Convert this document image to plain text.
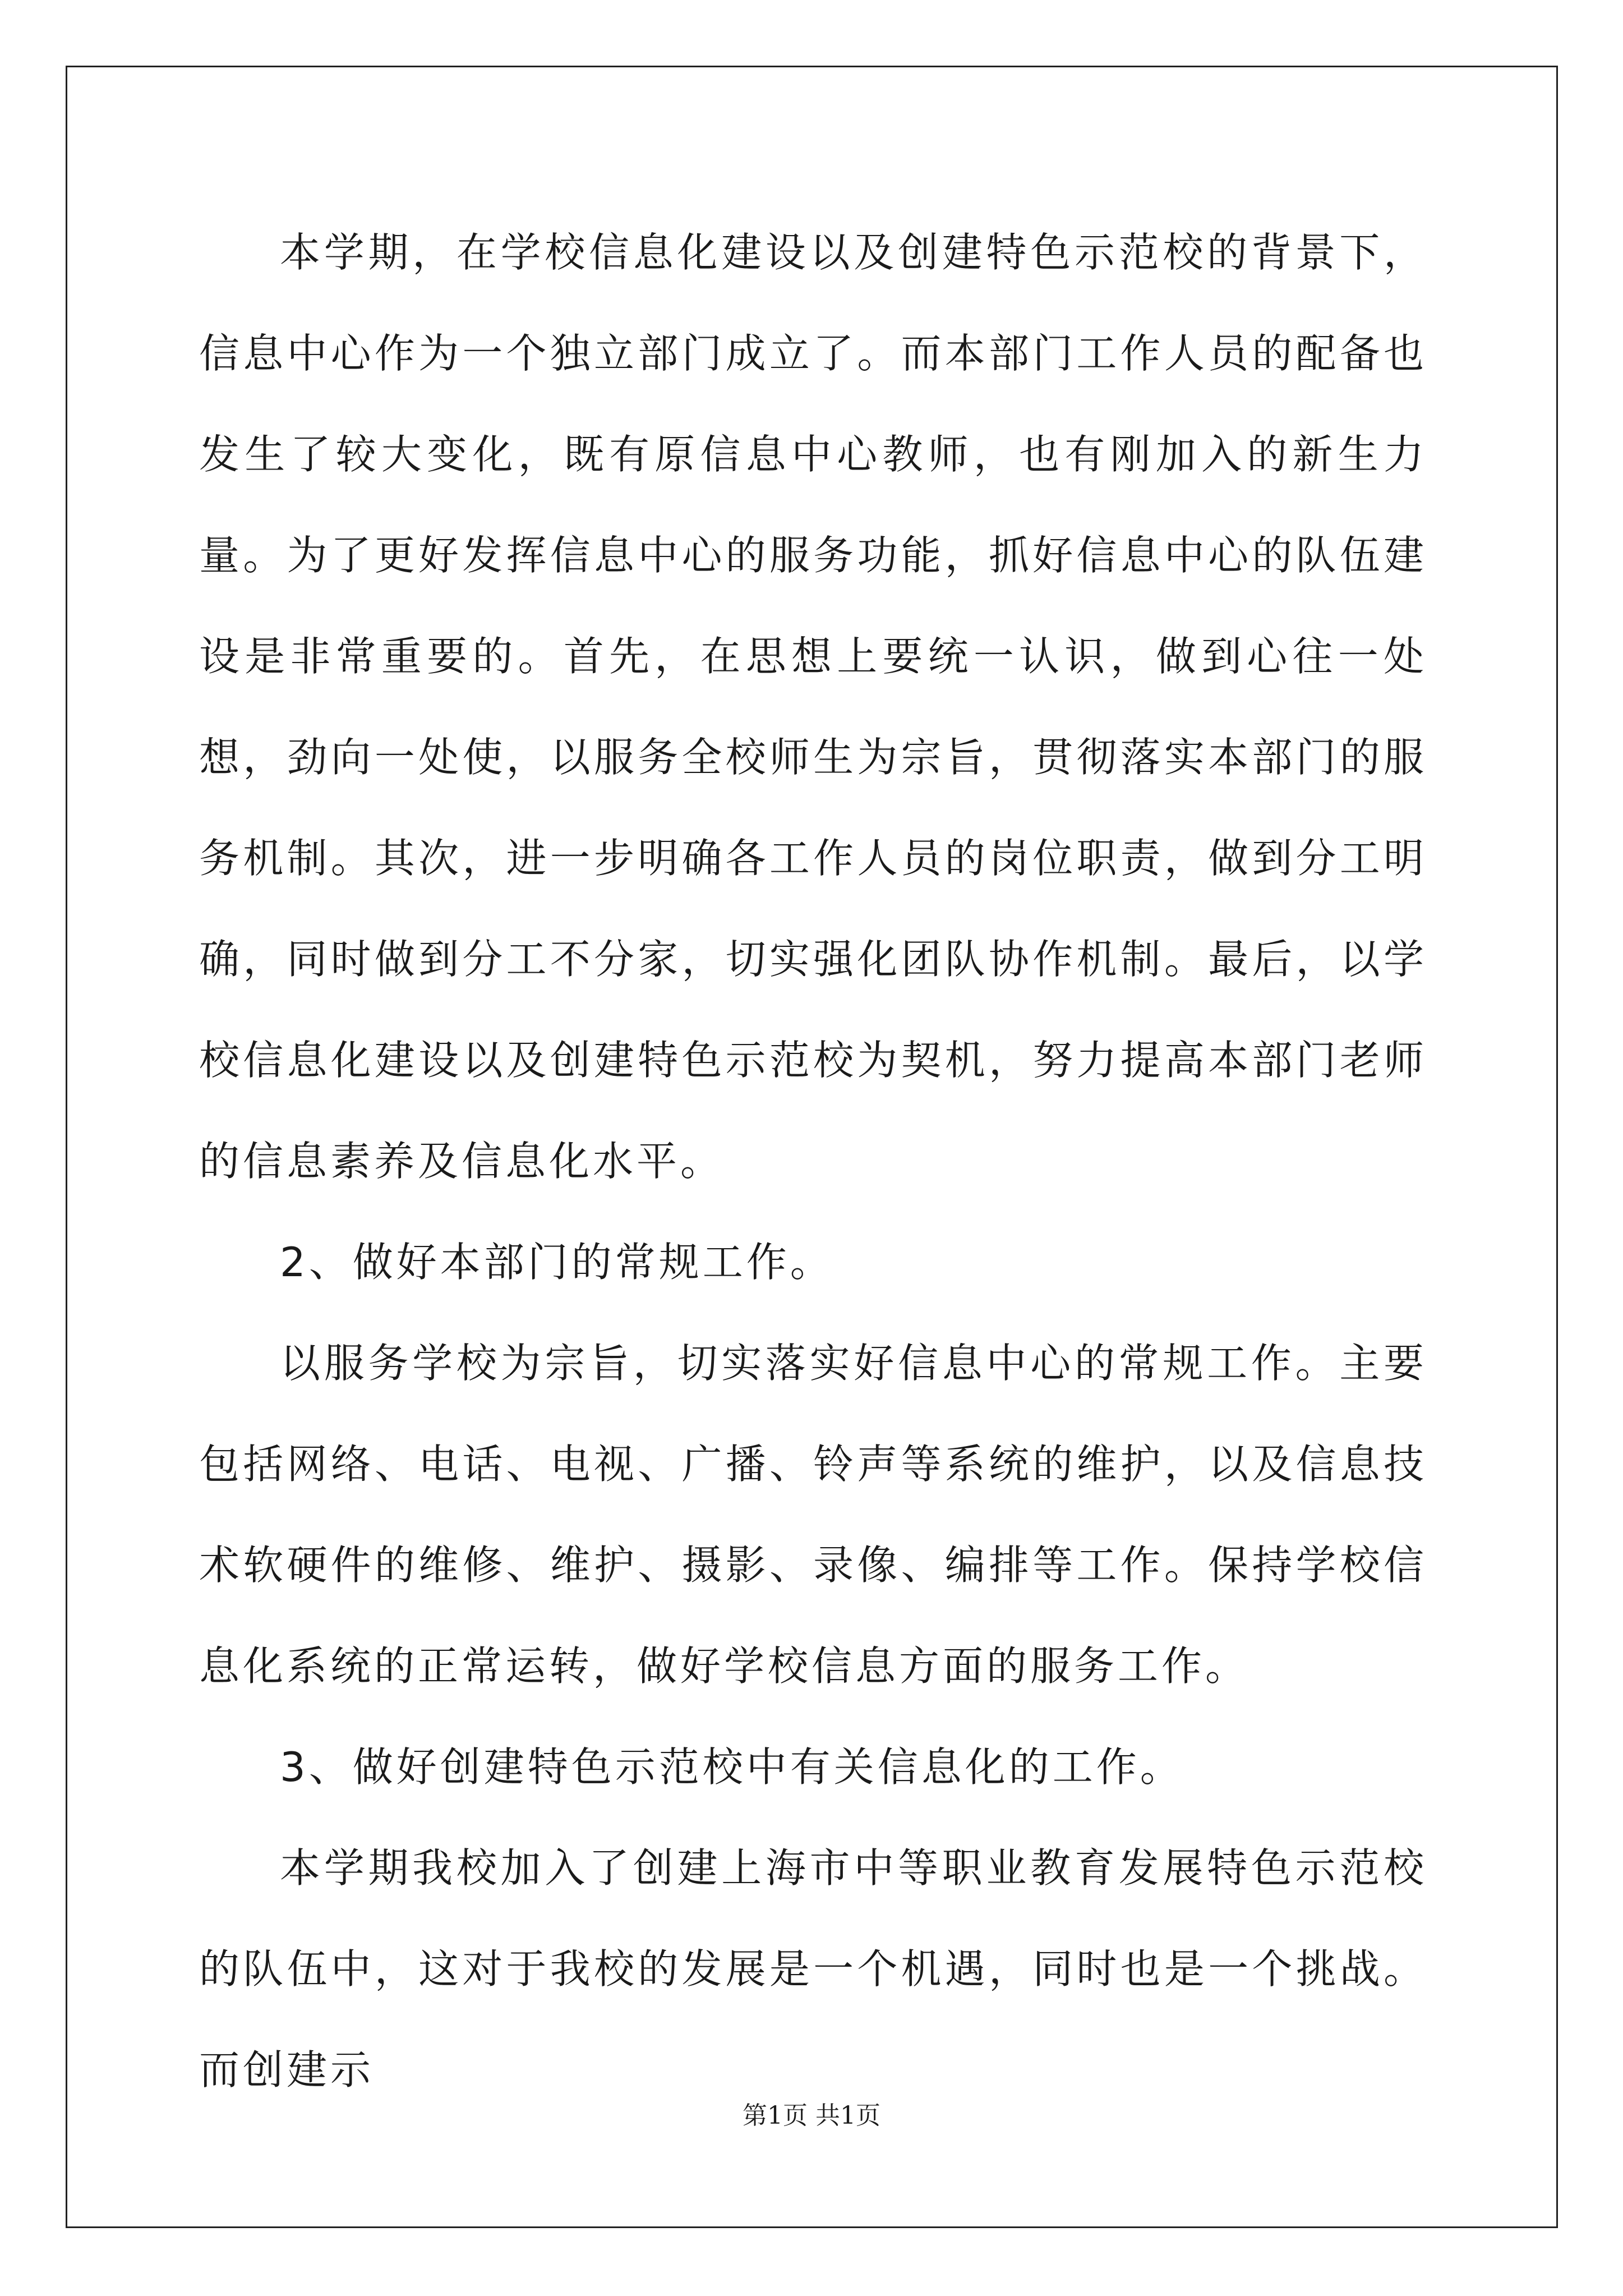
本学期，在学校信息化建设以及创建特色示范校的背景下，信息中心作为一个独立部门成立了。而本部门工作人员的配备也发生了较大变化，既有原信息中心教师，也有刚加入的新生力量。为了更好发挥信息中心的服务功能，抓好信息中心的队伍建设是非常重要的。首先，在思想上要统一认识，做到心往一处想，劲向一处使，以服务全校师生为宗旨，贯彻落实本部门的服务机制。其次，进一步明确各工作人员的岗位职责，做到分工明确，同时做到分工不分家，切实强化团队协作机制。最后，以学校信息化建设以及创建特色示范校为契机，努力提高本部门老师的信息素养及信息化水平。

2、做好本部门的常规工作。

以服务学校为宗旨，切实落实好信息中心的常规工作。主要包括网络、电话、电视、广播、铃声等系统的维护，以及信息技术软硬件的维修、维护、摄影、录像、编排等工作。保持学校信息化系统的正常运转，做好学校信息方面的服务工作。

3、做好创建特色示范校中有关信息化的工作。

本学期我校加入了创建上海市中等职业教育发展特色示范校的队伍中，这对于我校的发展是一个机遇，同时也是一个挑战。而创建示

第1页 共1页
